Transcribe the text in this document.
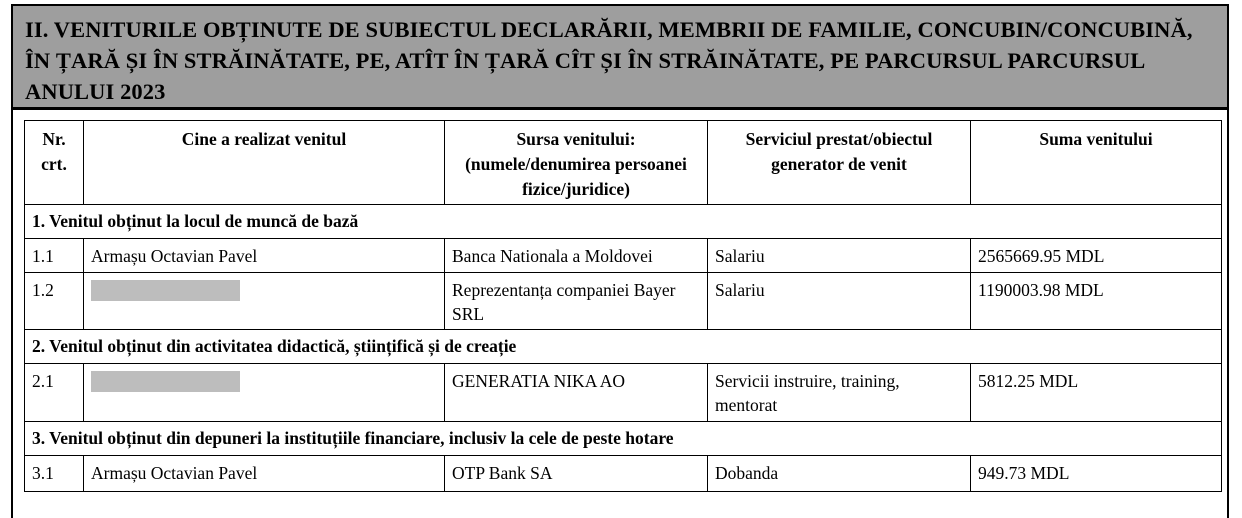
II. VENITURILE OBȚINUTE DE SUBIECTUL DECLARĂRII, MEMBRII DE FAMILIE, CONCUBIN/CONCUBINĂ, ÎN ȚARĂ ȘI ÎN STRĂINĂTATE, PE, ATÎT ÎN ȚARĂ CÎT ȘI ÎN STRĂINĂTATE, PE PARCURSUL PARCURSUL ANULUI 2023
Nr. crt.	Cine a realizat venitul	Sursa venitului: (numele/denumirea persoanei fizice/juridice)	Serviciul prestat/obiectul generator de venit	Suma venitului
1. Venitul obținut la locul de muncă de bază				
1.1	Armașu Octavian Pavel	Banca Nationala a Moldovei	Salariu	2565669.95 MDL
1.2		Reprezentanța companiei Bayer SRL	Salariu	1190003.98 MDL
2. Venitul obținut din activitatea didactică, științifică și de creație				
2.1		GENERATIA NIKA AO	Servicii instruire, training, mentorat	5812.25 MDL
3. Venitul obținut din depuneri la instituțiile financiare, inclusiv la cele de peste hotare				
3.1	Armașu Octavian Pavel	OTP Bank SA	Dobanda	949.73 MDL
